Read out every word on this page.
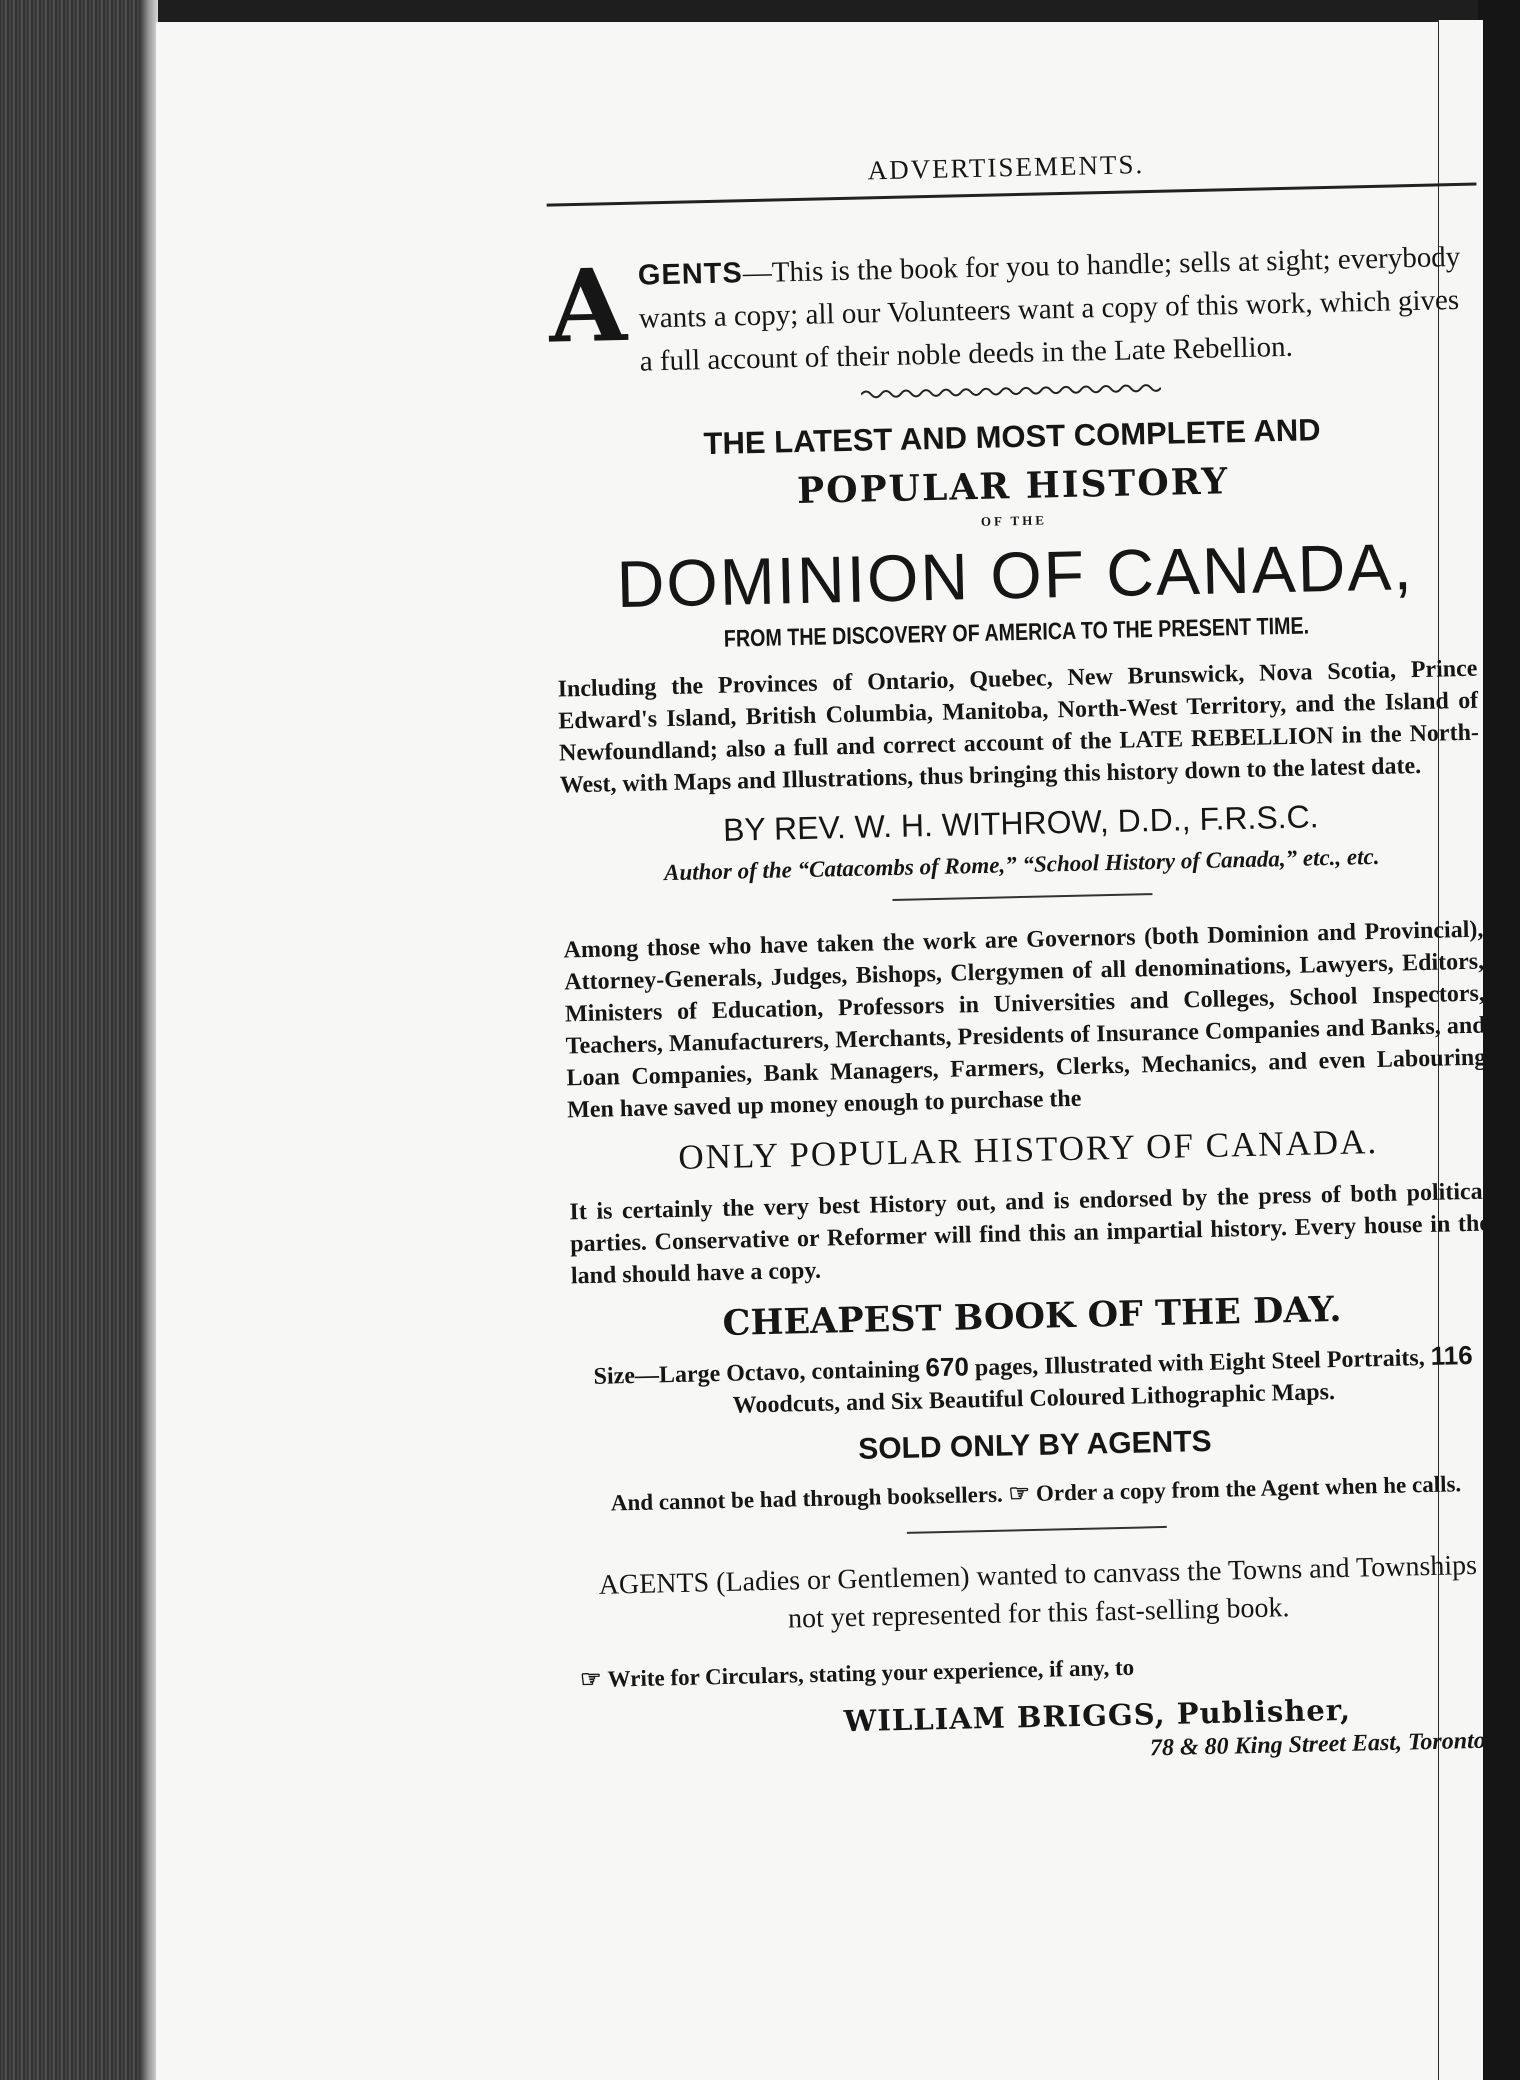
ADVERTISEMENTS.

AGENTS—This is the book for you to handle; sells at sight; everybody wants a copy; all our Volunteers want a copy of this work, which gives a full account of their noble deeds in the Late Rebellion.

THE LATEST AND MOST COMPLETE AND
POPULAR HISTORY
OF THE
DOMINION OF CANADA,
FROM THE DISCOVERY OF AMERICA TO THE PRESENT TIME.

Including the Provinces of Ontario, Quebec, New Brunswick, Nova Scotia, Prince Edward's Island, British Columbia, Manitoba, North-West Territory, and the Island of Newfoundland; also a full and correct account of the LATE REBELLION in the North-West, with Maps and Illustrations, thus bringing this history down to the latest date.

BY REV. W. H. WITHROW, D.D., F.R.S.C.
Author of the “Catacombs of Rome,” “School History of Canada,” etc., etc.

Among those who have taken the work are Governors (both Dominion and Provincial), Attorney-Generals, Judges, Bishops, Clergymen of all denominations, Lawyers, Editors, Ministers of Education, Professors in Universities and Colleges, School Inspectors, Teachers, Manufacturers, Merchants, Presidents of Insurance Companies and Banks, and Loan Companies, Bank Managers, Farmers, Clerks, Mechanics, and even Labouring Men have saved up money enough to purchase the

ONLY POPULAR HISTORY OF CANADA.

It is certainly the very best History out, and is endorsed by the press of both political parties. Conservative or Reformer will find this an impartial history. Every house in the land should have a copy.

CHEAPEST BOOK OF THE DAY.

Size—Large Octavo, containing 670 pages, Illustrated with Eight Steel Portraits, 116 Woodcuts, and Six Beautiful Coloured Lithographic Maps.

SOLD ONLY BY AGENTS

And cannot be had through booksellers. ☞ Order a copy from the Agent when he calls.

AGENTS (Ladies or Gentlemen) wanted to canvass the Towns and Townships not yet represented for this fast-selling book.

☞ Write for Circulars, stating your experience, if any, to

WILLIAM BRIGGS, Publisher,
78 & 80 King Street East, Toronto.
